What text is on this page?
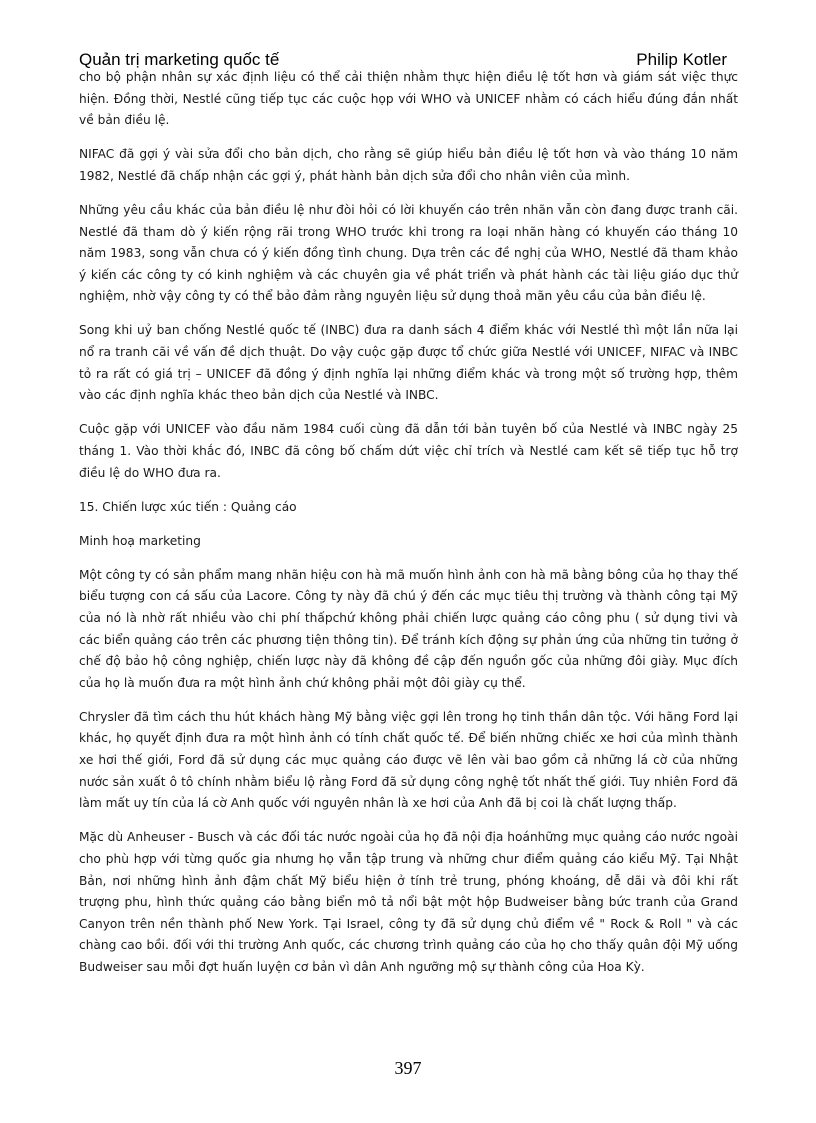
Quản trị marketing quốc tế	Philip Kotler

cho bộ phận nhân sự xác định liệu có thể cải thiện nhằm thực hiện điều lệ tốt hơn và giám sát việc thực hiện. Đồng thời, Nestlé cũng tiếp tục các cuộc họp với WHO và UNICEF nhằm có cách hiểu đúng đắn nhất về bản điều lệ.

NIFAC đã gợi ý vài sửa đổi cho bản dịch, cho rằng sẽ giúp hiểu bản điều lệ tốt hơn và vào tháng 10 năm 1982, Nestlé đã chấp nhận các gợi ý, phát hành bản dịch sửa đổi cho nhân viên của mình.

Những yêu cầu khác của bản điều lệ như đòi hỏi có lời khuyến cáo trên nhãn vẫn còn đang được tranh cãi. Nestlé đã tham dò ý kiến rộng rãi trong WHO trước khi trong ra loại nhãn hàng có khuyến cáo tháng 10 năm 1983, song vẫn chưa có ý kiến đồng tình chung. Dựa trên các đề nghị của WHO, Nestlé đã tham khảo ý kiến các công ty có kinh nghiệm và các chuyên gia về phát triển và phát hành các tài liệu giáo dục thử nghiệm, nhờ vậy công ty có thể bảo đảm rằng nguyên liệu sử dụng thoả mãn yêu cầu của bản điều lệ.

Song khi uỷ ban chống Nestlé quốc tế (INBC) đưa ra danh sách 4 điểm khác với Nestlé thì một lần nữa lại nổ ra tranh cãi về vấn đề dịch thuật. Do vậy cuộc gặp được tổ chức giữa Nestlé với UNICEF, NIFAC và INBC tỏ ra rất có giá trị – UNICEF đã đồng ý định nghĩa lại những điểm khác và trong một số trường hợp, thêm vào các định nghĩa khác theo bản dịch của Nestlé và INBC.

Cuộc gặp với UNICEF vào đầu năm 1984 cuối cùng đã dẫn tới bản tuyên bố của Nestlé và INBC ngày 25 tháng 1. Vào thời khắc đó, INBC đã công bố chấm dứt việc chỉ trích và Nestlé cam kết sẽ tiếp tục hỗ trợ điều lệ do WHO đưa ra.

15. Chiến lược xúc tiến : Quảng cáo

Minh hoạ marketing

Một công ty có sản phẩm mang nhãn hiệu con hà mã muốn hình ảnh con hà mã bằng bông của họ thay thế biểu tượng con cá sấu của Lacore. Công ty này đã chú ý đến các mục tiêu thị trường và thành công tại Mỹ của nó là nhờ rất nhiều vào chi phí thấpchứ không phải chiến lược quảng cáo công phu ( sử dụng tivi và các biển quảng cáo trên các phương tiện thông tin). Để tránh kích động sự phản ứng của những tin tưởng ở chế độ bảo hộ công nghiệp, chiến lược này đã không đề cập đến nguồn gốc của những đôi giày. Mục đích của họ là muốn đưa ra một hình ảnh chứ không phải một đôi giày cụ thể.

Chrysler đã tìm cách thu hút khách hàng Mỹ bằng việc gợi lên trong họ tinh thần dân tộc. Với hãng Ford lại khác, họ quyết định đưa ra một hình ảnh có tính chất quốc tế. Để biến những chiếc xe hơi của mình thành xe hơi thế giới, Ford đã sử dụng các mục quảng cáo được vẽ lên vài bao gồm cả những lá cờ của những nước sản xuất ô tô chính nhằm biểu lộ rằng Ford đã sử dụng công nghệ tốt nhất thế giới. Tuy nhiên Ford đã làm mất uy tín của lá cờ Anh quốc với nguyên nhân là xe hơi của Anh đã bị coi là chất lượng thấp.

Mặc dù Anheuser - Busch và các đối tác nước ngoài của họ đã nội địa hoánhững mục quảng cáo nước ngoài cho phù hợp với từng quốc gia nhưng họ vẫn tập trung và những chur điểm quảng cáo kiểu Mỹ. Tại Nhật Bản, nơi những hình ảnh đậm chất Mỹ biểu hiện ở tính trẻ trung, phóng khoáng, dễ dãi và đôi khi rất trượng phu, hình thức quảng cáo bằng biển mô tả nổi bật một hộp Budweiser bằng bức tranh của Grand Canyon trên nền thành phố New York. Tại Israel, công ty đã sử dụng chủ điểm về " Rock & Roll " và các chàng cao bồi. đối với thi trường Anh quốc, các chương trình quảng cáo của họ cho thấy quân đội Mỹ uống Budweiser sau mỗi đợt huấn luyện cơ bản vì dân Anh ngưỡng mộ sự thành công của Hoa Kỳ.

397
